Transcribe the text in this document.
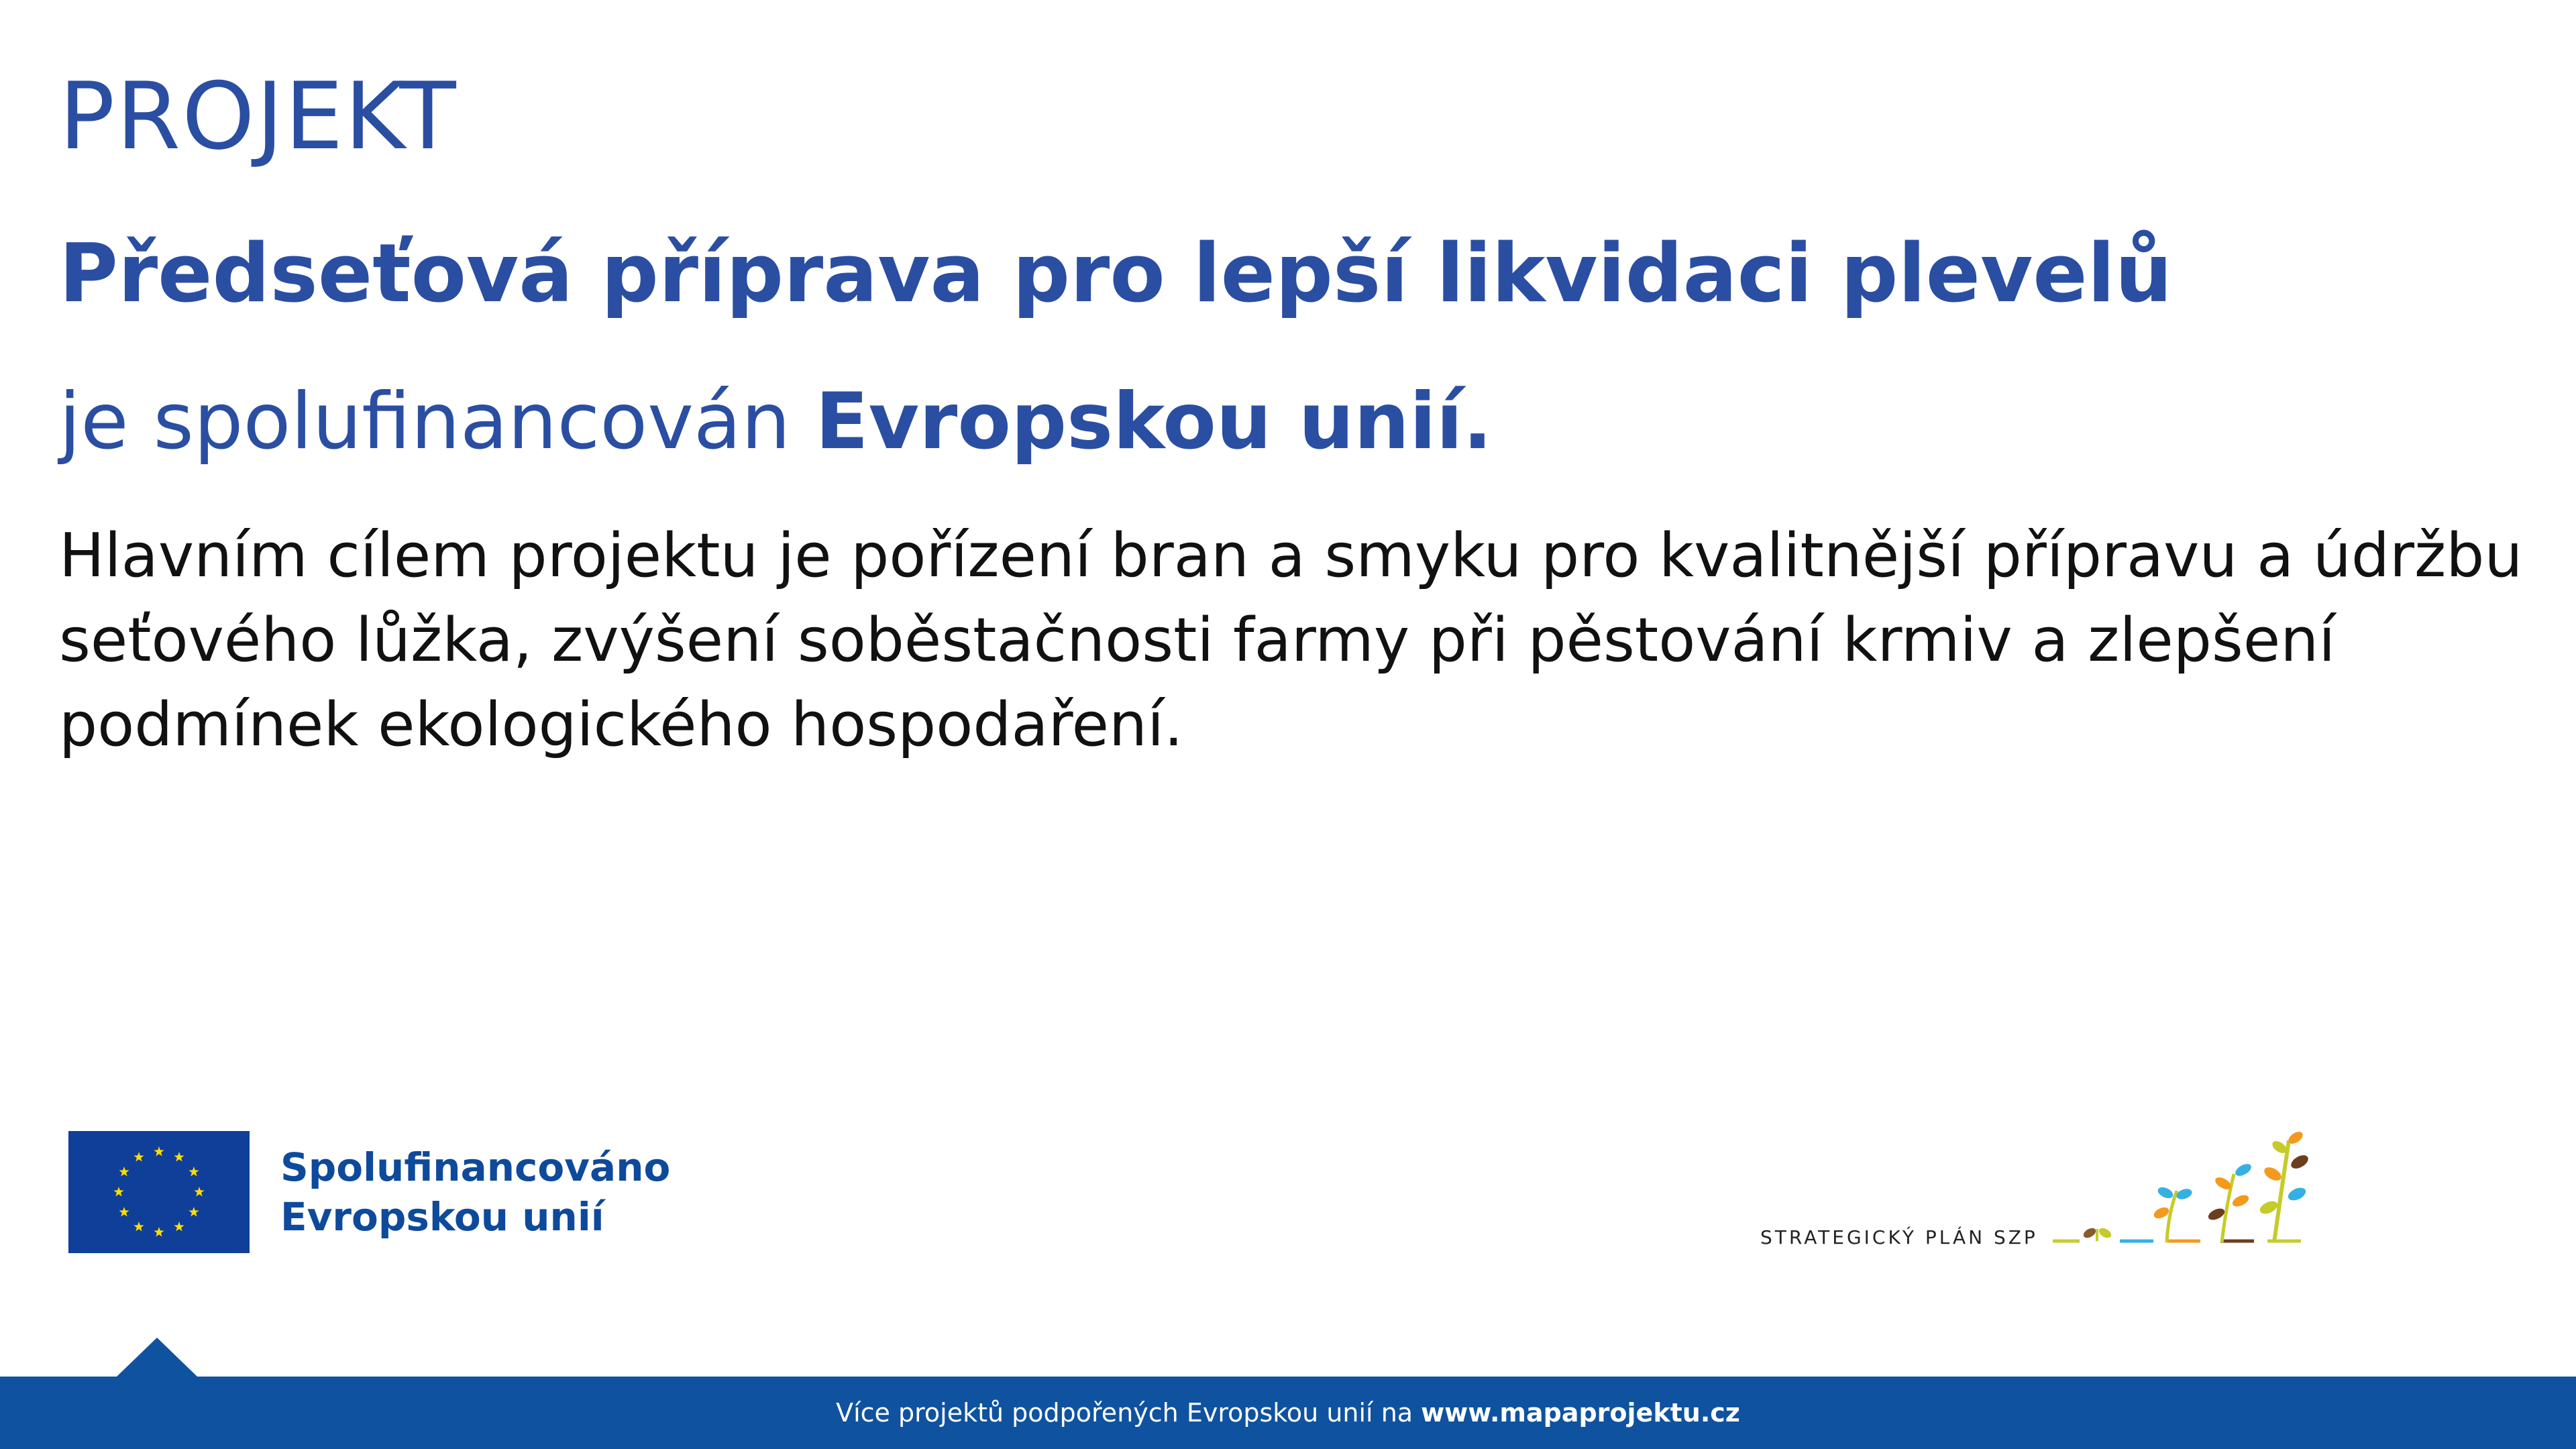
PROJEKT
Předseťová příprava pro lepší likvidaci plevelů
je spolufinancován Evropskou unií.
Hlavním cílem projektu je pořízení bran a smyku pro kvalitnější přípravu a údržbu seťového lůžka, zvýšení soběstačnosti farmy při pěstování krmiv a zlepšení podmínek ekologického hospodaření.
Spolufinancováno
Evropskou unií	STRATEGICKÝ PLÁN SZP
Více projektů podpořených Evropskou unií na www.mapaprojektu.cz
